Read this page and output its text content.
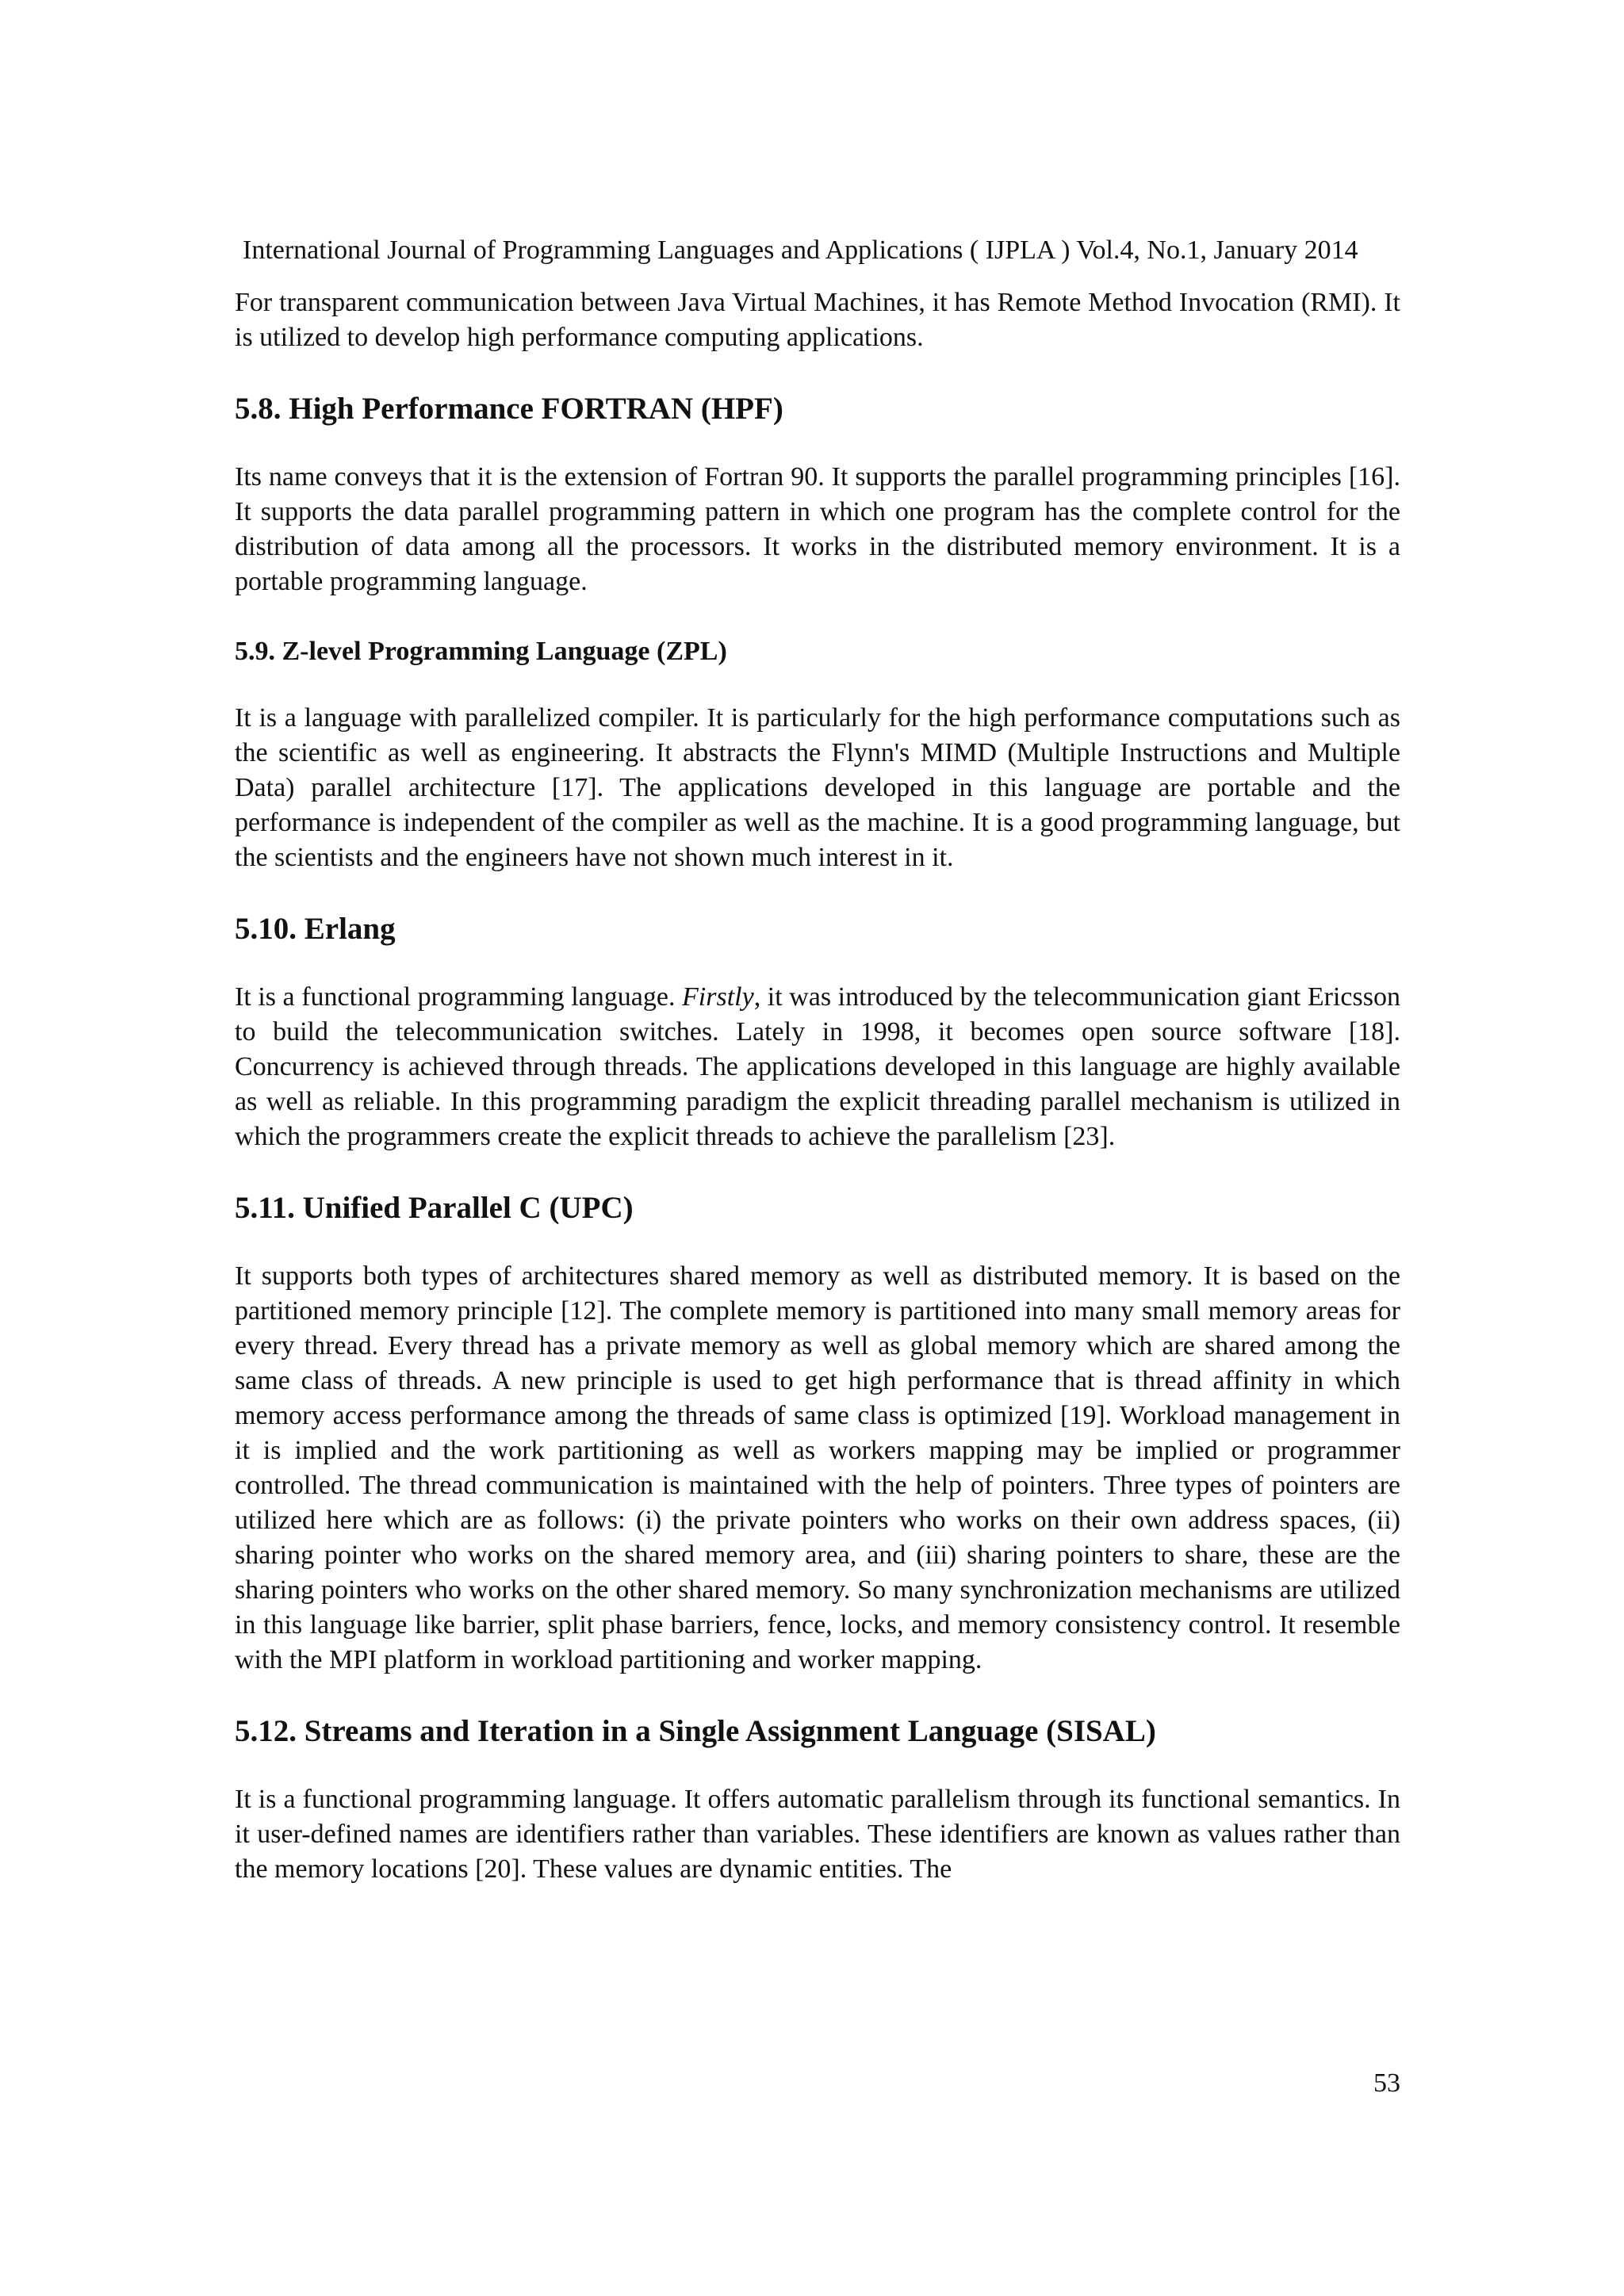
International Journal of Programming Languages and Applications ( IJPLA ) Vol.4, No.1, January 2014

For transparent communication between Java Virtual Machines, it has Remote Method Invocation (RMI). It is utilized to develop high performance computing applications.

5.8. High Performance FORTRAN (HPF)

Its name conveys that it is the extension of Fortran 90. It supports the parallel programming principles [16]. It supports the data parallel programming pattern in which one program has the complete control for the distribution of data among all the processors. It works in the distributed memory environment. It is a portable programming language.

5.9. Z-level Programming Language (ZPL)

It is a language with parallelized compiler. It is particularly for the high performance computations such as the scientific as well as engineering. It abstracts the Flynn's MIMD (Multiple Instructions and Multiple Data) parallel architecture [17]. The applications developed in this language are portable and the performance is independent of the compiler as well as the machine. It is a good programming language, but the scientists and the engineers have not shown much interest in it.

5.10. Erlang

It is a functional programming language. Firstly, it was introduced by the telecommunication giant Ericsson to build the telecommunication switches. Lately in 1998, it becomes open source software [18]. Concurrency is achieved through threads. The applications developed in this language are highly available as well as reliable. In this programming paradigm the explicit threading parallel mechanism is utilized in which the programmers create the explicit threads to achieve the parallelism [23].

5.11. Unified Parallel C (UPC)

It supports both types of architectures shared memory as well as distributed memory. It is based on the partitioned memory principle [12]. The complete memory is partitioned into many small memory areas for every thread. Every thread has a private memory as well as global memory which are shared among the same class of threads. A new principle is used to get high performance that is thread affinity in which memory access performance among the threads of same class is optimized [19]. Workload management in it is implied and the work partitioning as well as workers mapping may be implied or programmer controlled. The thread communication is maintained with the help of pointers. Three types of pointers are utilized here which are as follows: (i) the private pointers who works on their own address spaces, (ii) sharing pointer who works on the shared memory area, and (iii) sharing pointers to share, these are the sharing pointers who works on the other shared memory. So many synchronization mechanisms are utilized in this language like barrier, split phase barriers, fence, locks, and memory consistency control. It resemble with the MPI platform in workload partitioning and worker mapping.

5.12. Streams and Iteration in a Single Assignment Language (SISAL)

It is a functional programming language. It offers automatic parallelism through its functional semantics. In it user-defined names are identifiers rather than variables. These identifiers are known as values rather than the memory locations [20]. These values are dynamic entities. The

53
